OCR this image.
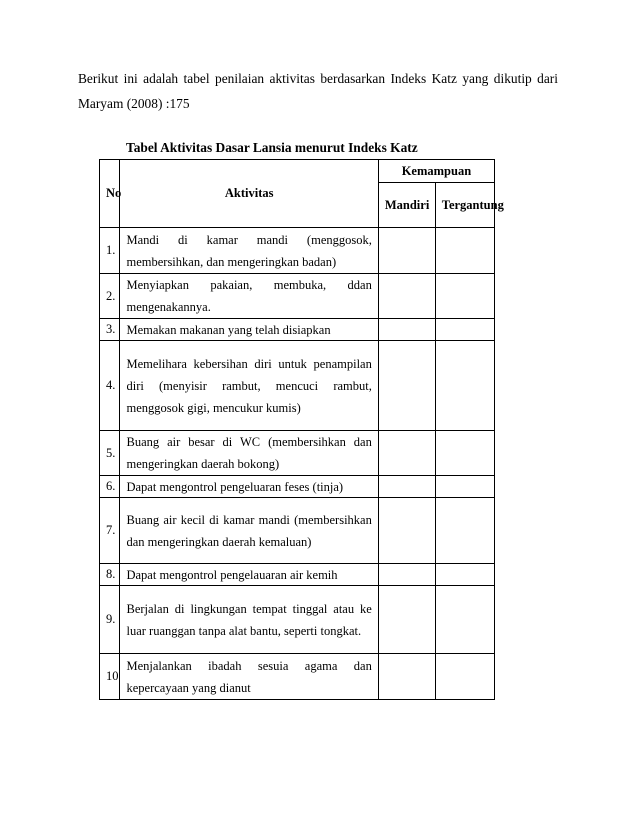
Berikut ini adalah tabel penilaian aktivitas berdasarkan Indeks Katz yang dikutip dari Maryam (2008) :175

Tabel Aktivitas Dasar Lansia menurut Indeks Katz

No	Aktivitas	Kemampuan	
		Mandiri	Tergantung
1.	Mandi di kamar mandi (menggosok, membersihkan, dan mengeringkan badan)		
2.	Menyiapkan pakaian, membuka, ddan mengenakannya.		
3.	Memakan makanan yang telah disiapkan		
4.	Memelihara kebersihan diri untuk penampilan diri (menyisir rambut, mencuci rambut, menggosok gigi, mencukur kumis)		
5.	Buang air besar di WC (membersihkan dan mengeringkan daerah bokong)		
6.	Dapat mengontrol pengeluaran feses (tinja)		
7.	Buang air kecil di kamar mandi (membersihkan dan mengeringkan daerah kemaluan)		
8.	Dapat mengontrol pengelauaran air kemih		
9.	Berjalan di lingkungan tempat tinggal atau ke luar ruanggan tanpa alat bantu, seperti tongkat.		
10	Menjalankan ibadah sesuia agama dan kepercayaan yang dianut		
